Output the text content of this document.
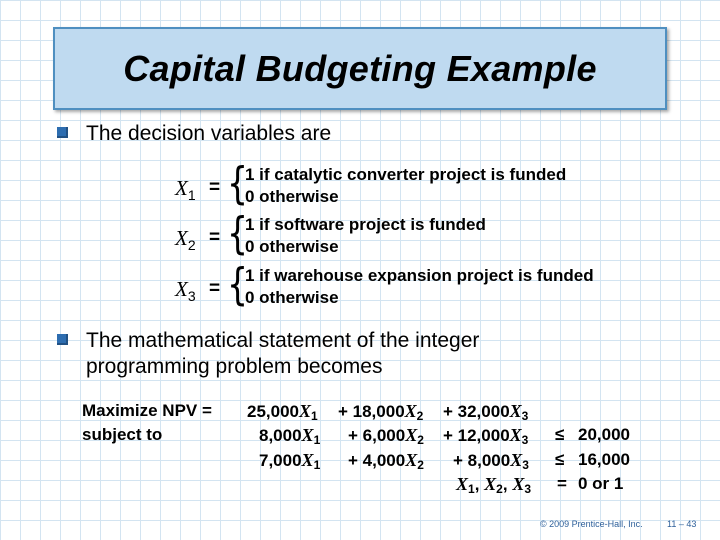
Capital Budgeting Example
The decision variables are
$X_1$ = {
1 if catalytic converter project is funded
0 otherwise
$X_2$ = {
1 if software project is funded
0 otherwise
$X_3$ = {
1 if warehouse expansion project is funded
0 otherwise
The mathematical statement of the integer
programming problem becomes
Maximize NPV = 25,000X1 + 18,000X2 + 32,000X3
subject to	8,000X1 + 6,000X2 + 12,000X3 ≤ 20,000
7,000X1 + 4,000X2 + 8,000X3 ≤ 16,000
X1, X2, X3 = 0 or 1
© 2009 Prentice-Hall, Inc.	11 – 43
